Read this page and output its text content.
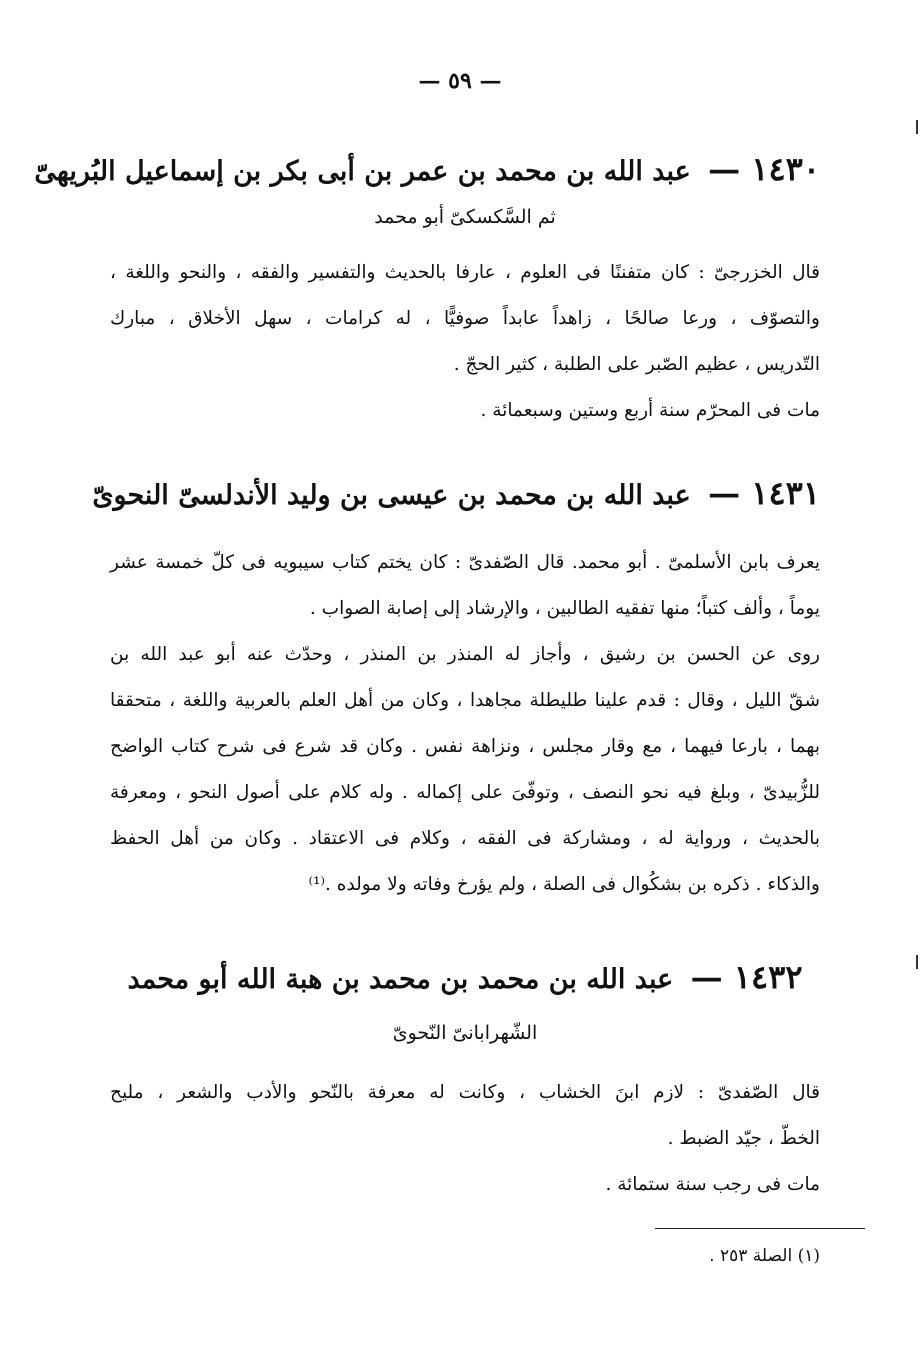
— ٥٩ —
١٤٣٠ — عبد الله بن محمد بن عمر بن أبى بكر بن إسماعيل البُريهىّ
ثم السَّكسكىّ أبو محمد
قال الخزرجىّ : كان متفننًا فى العلوم ، عارفا بالحديث والتفسير والفقه ، والنحو واللغة ،
والتصوّف ، ورعا صالحًا ، زاهداً عابداً صوفيًّا ، له كرامات ، سهل الأخلاق ، مبارك
التّدريس ، عظيم الصّبر على الطلبة ، كثير الحجّ .
مات فى المحرّم سنة أربع وستين وسبعمائة .
١٤٣١ — عبد الله بن محمد بن عيسى بن وليد الأندلسىّ النحوىّ
يعرف بابن الأسلمىّ . أبو محمد. قال الصّفدىّ : كان يختم كتاب سيبويه فى كلّ خمسة عشر
يوماً ، وألف كتباً؛ منها تفقيه الطالبين ، والإرشاد إلى إصابة الصواب .
روى عن الحسن بن رشيق ، وأجاز له المنذر بن المنذر ، وحدّث عنه أبو عبد الله بن
شقّ الليل ، وقال : قدم علينا طليطلة مجاهدا ، وكان من أهل العلم بالعربية واللغة ، متحققا
بهما ، بارعا فيهما ، مع وقار مجلس ، ونزاهة نفس . وكان قد شرع فى شرح كتاب الواضح
للزُّبيدىّ ، وبلغ فيه نحو النصف ، وتوفّىَ على إكماله . وله كلام على أصول النحو ، ومعرفة
بالحديث ، ورواية له ، ومشاركة فى الفقه ، وكلام فى الاعتقاد . وكان من أهل الحفظ
والذكاء . ذكره بن بشكُوال فى الصلة ، ولم يؤرخ وفاته ولا مولده .⁽¹⁾
١٤٣٢ — عبد الله بن محمد بن محمد بن هبة الله أبو محمد
الشّهرابانىّ النّحوىّ
قال الصّفدىّ : لازم ابنَ الخشاب ، وكانت له معرفة بالنّحو والأدب والشعر ، مليح
الخطّ ، جيّد الضبط .
مات فى رجب سنة ستمائة .
(١) الصلة ٢٥٣ .
